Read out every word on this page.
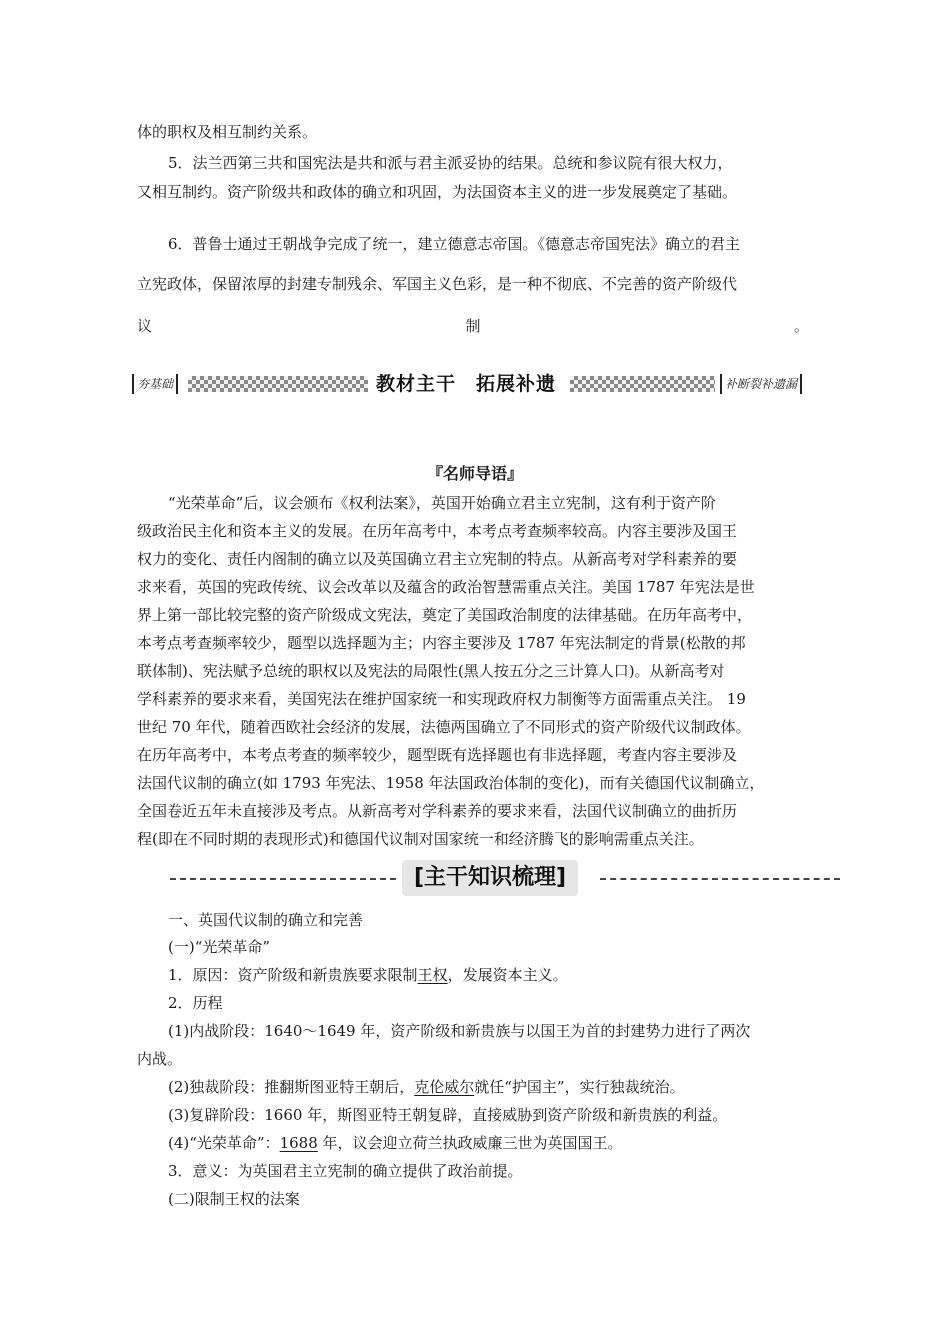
体的职权及相互制约关系。
5．法兰西第三共和国宪法是共和派与君主派妥协的结果。总统和参议院有很大权力，
又相互制约。资产阶级共和政体的确立和巩固，为法国资本主义的进一步发展奠定了基础。
6．普鲁士通过王朝战争完成了统一，建立德意志帝国。《德意志帝国宪法》确立的君主
立宪政体，保留浓厚的封建专制残余、军国主义色彩，是一种不彻底、不完善的资产阶级代
议	制	。
夯基础	教材主干　拓展补遗	补断裂补遗漏
『名师导语』
“光荣革命”后，议会颁布《权利法案》，英国开始确立君主立宪制，这有利于资产阶
级政治民主化和资本主义的发展。在历年高考中，本考点考查频率较高。内容主要涉及国王
权力的变化、责任内阁制的确立以及英国确立君主立宪制的特点。从新高考对学科素养的要
求来看，英国的宪政传统、议会改革以及蕴含的政治智慧需重点关注。美国 1787 年宪法是世
界上第一部比较完整的资产阶级成文宪法，奠定了美国政治制度的法律基础。在历年高考中，
本考点考查频率较少，题型以选择题为主；内容主要涉及 1787 年宪法制定的背景(松散的邦
联体制)、宪法赋予总统的职权以及宪法的局限性(黑人按五分之三计算人口)。从新高考对
学科素养的要求来看，美国宪法在维护国家统一和实现政府权力制衡等方面需重点关注。 19
世纪 70 年代，随着西欧社会经济的发展，法德两国确立了不同形式的资产阶级代议制政体。
在历年高考中，本考点考查的频率较少，题型既有选择题也有非选择题，考查内容主要涉及
法国代议制的确立(如 1793 年宪法、1958 年法国政治体制的变化)，而有关德国代议制确立，
全国卷近五年未直接涉及考点。从新高考对学科素养的要求来看，法国代议制确立的曲折历
程(即在不同时期的表现形式)和德国代议制对国家统一和经济腾飞的影响需重点关注。
[主干知识梳理]
一、英国代议制的确立和完善
(一)“光荣革命”
1．原因：资产阶级和新贵族要求限制王权，发展资本主义。
2．历程
(1)内战阶段：1640～1649 年，资产阶级和新贵族与以国王为首的封建势力进行了两次
内战。
(2)独裁阶段：推翻斯图亚特王朝后，克伦威尔就任“护国主”，实行独裁统治。
(3)复辟阶段：1660 年，斯图亚特王朝复辟，直接威胁到资产阶级和新贵族的利益。
(4)“光荣革命”：1688 年，议会迎立荷兰执政威廉三世为英国国王。
3．意义：为英国君主立宪制的确立提供了政治前提。
(二)限制王权的法案
